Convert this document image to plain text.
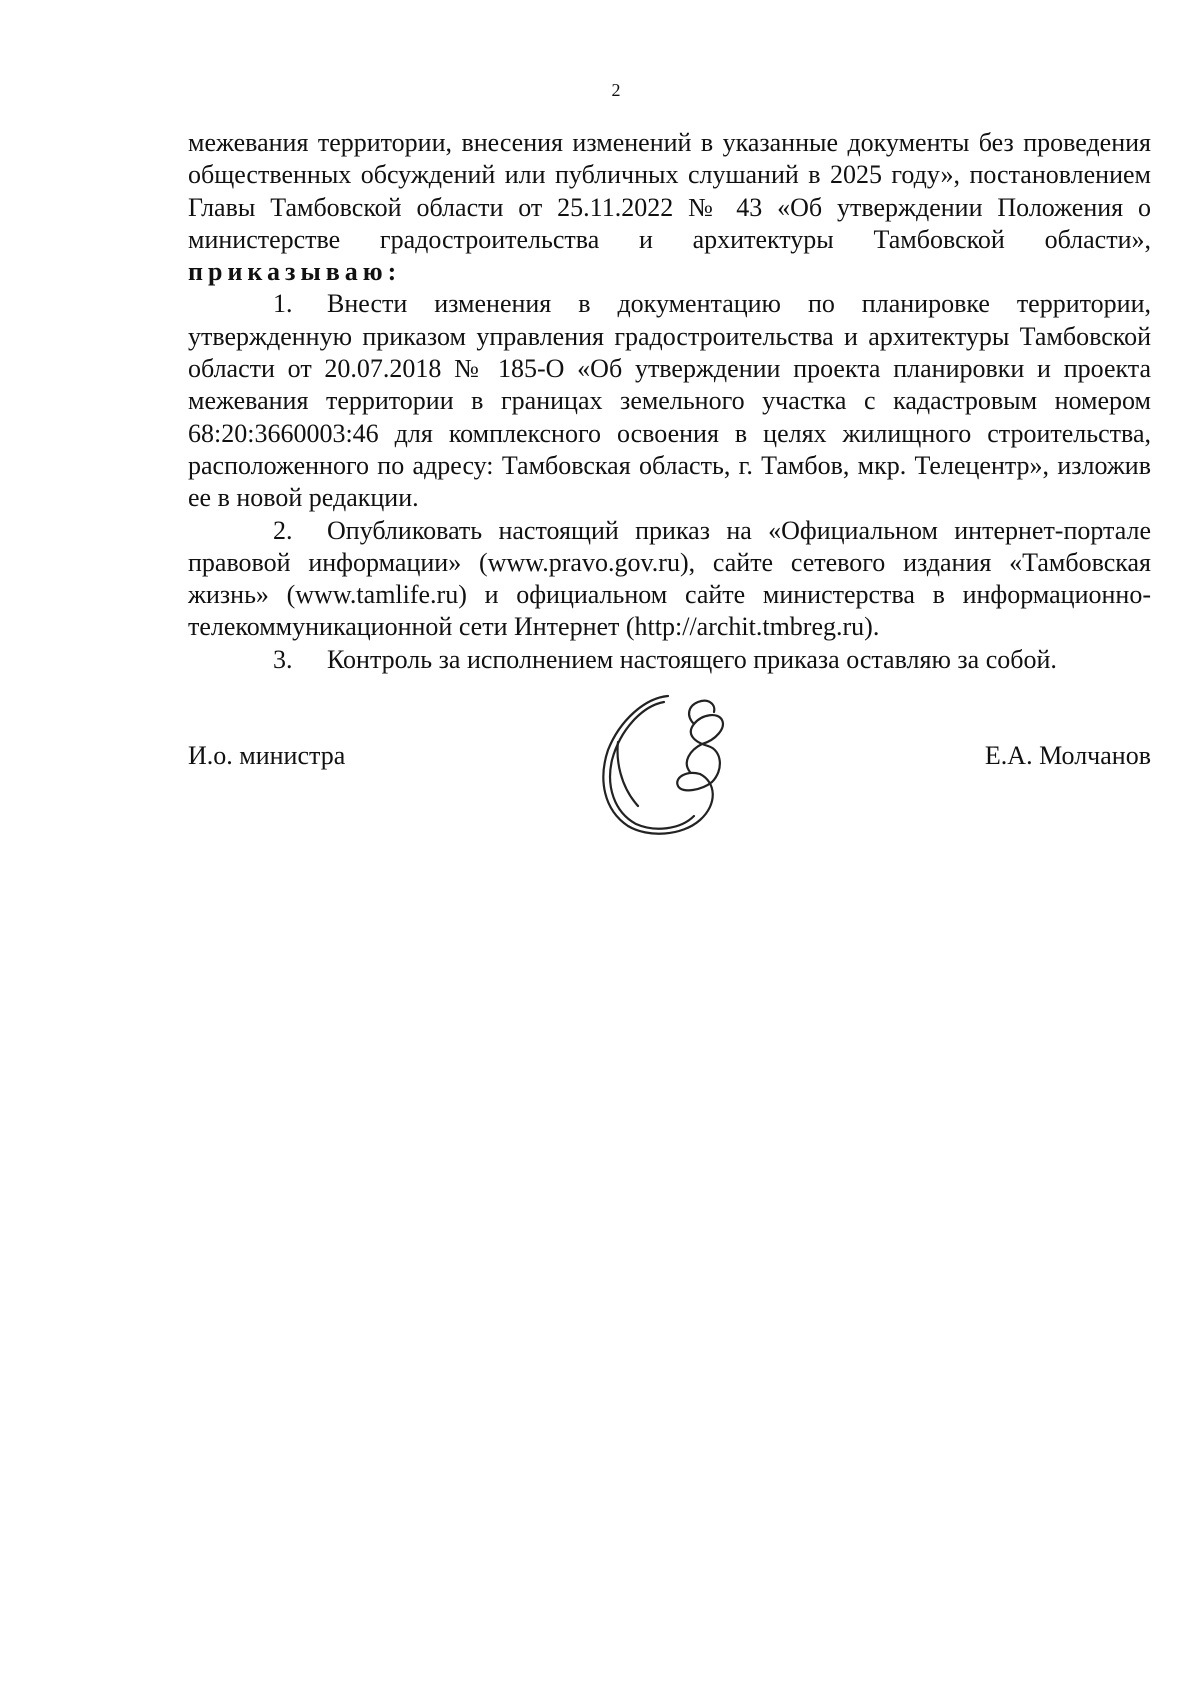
2

межевания территории, внесения изменений в указанные документы без проведения общественных обсуждений или публичных слушаний в 2025 году», постановлением Главы Тамбовской области от 25.11.2022 № 43 «Об утверждении Положения о министерстве градостроительства и архитектуры Тамбовской области», приказываю:

1. Внести изменения в документацию по планировке территории, утвержденную приказом управления градостроительства и архитектуры Тамбовской области от 20.07.2018 № 185-О «Об утверждении проекта планировки и проекта межевания территории в границах земельного участка с кадастровым номером 68:20:3660003:46 для комплексного освоения в целях жилищного строительства, расположенного по адресу: Тамбовская область, г. Тамбов, мкр. Телецентр», изложив ее в новой редакции.

2. Опубликовать настоящий приказ на «Официальном интернет-портале правовой информации» (www.pravo.gov.ru), сайте сетевого издания «Тамбовская жизнь» (www.tamlife.ru) и официальном сайте министерства в информационно-телекоммуникационной сети Интернет (http://archit.tmbreg.ru).

3. Контроль за исполнением настоящего приказа оставляю за собой.

И.о. министра	Е.А. Молчанов
